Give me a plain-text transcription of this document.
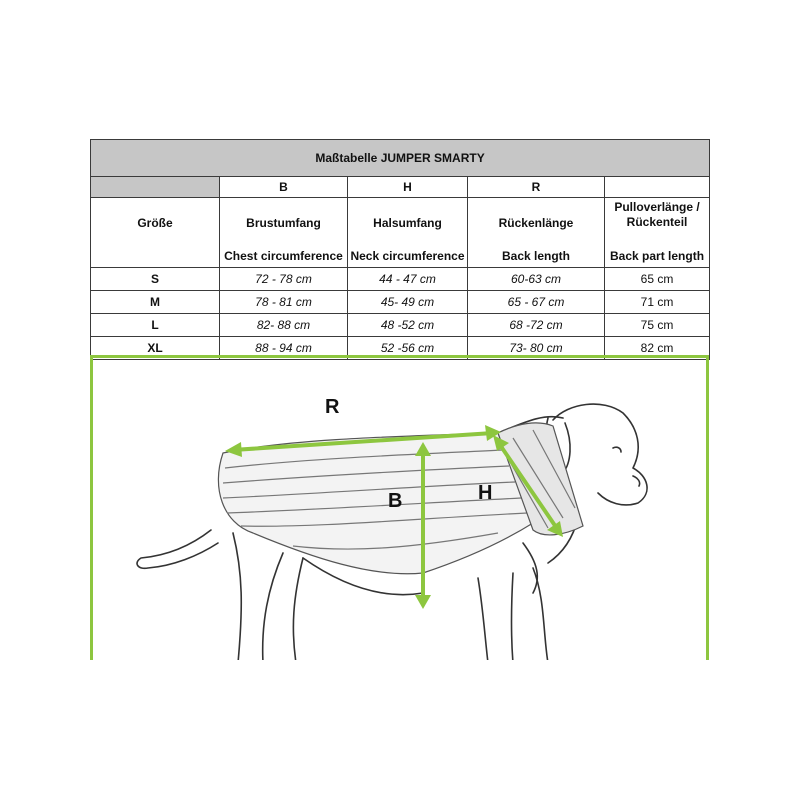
Maßtabelle JUMPER SMARTY				
	B	H	R	
Größe	Brustumfang	Halsumfang	Rückenlänge	Pulloverlänge / Rückenteil
	Chest circumference	Neck circumference	Back length	Back part length
S	72 - 78 cm	44 - 47 cm	60-63 cm	65 cm
M	78 - 81 cm	45- 49 cm	65 - 67 cm	71 cm
L	82- 88 cm	48 -52 cm	68 -72 cm	75 cm
XL	88 - 94 cm	52 -56 cm	73- 80 cm	82 cm
R
B	H
